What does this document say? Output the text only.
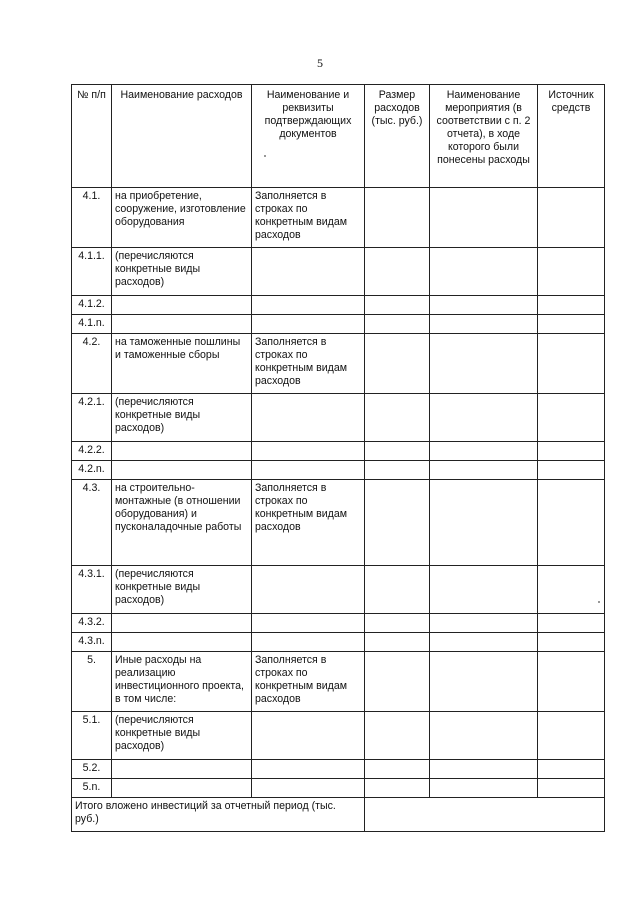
5
№ п/п	Наименование расходов	Наименование и реквизиты подтверждающих документов	Размер расходов (тыс. руб.)	Наименование мероприятия (в соответствии с п. 2 отчета), в ходе которого были понесены расходы	Источник средств
4.1.	на приобретение, сооружение, изготовление оборудования	Заполняется в строках по конкретным видам расходов			
4.1.1.	(перечисляются конкретные виды расходов)				
4.1.2.					
4.1.n.					
4.2.	на таможенные пошлины и таможенные сборы	Заполняется в строках по конкретным видам расходов			
4.2.1.	(перечисляются конкретные виды расходов)				
4.2.2.					
4.2.n.					
4.3.	на строительно-монтажные (в отношении оборудования) и пусконаладочные работы	Заполняется в строках по конкретным видам расходов			
4.3.1.	(перечисляются конкретные виды расходов)				
4.3.2.					
4.3.n.					
5.	Иные расходы на реализацию инвестиционного проекта, в том числе:	Заполняется в строках по конкретным видам расходов			
5.1.	(перечисляются конкретные виды расходов)				
5.2.					
5.n.					
Итого вложено инвестиций за отчетный период (тыс. руб.)					
